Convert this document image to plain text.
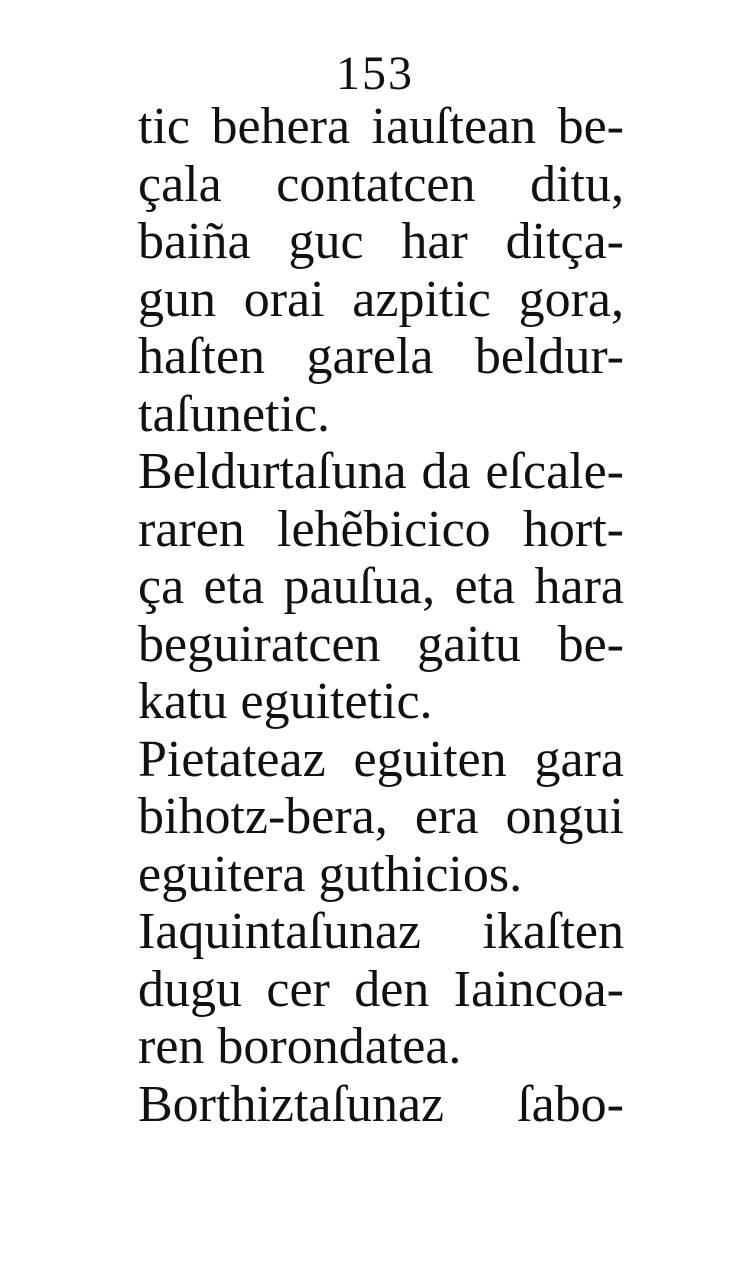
153
tic behera iauſtean be-
çala contatcen ditu,
baiña guc har ditça-
gun orai azpitic gora,
haſten garela beldur-
taſunetic.
Beldurtaſuna da eſcale-
raren lehẽbicico hort-
ça eta pauſua, eta hara
beguiratcen gaitu be-
katu eguitetic.
Pietateaz eguiten gara
bihotz-bera, era ongui
eguitera guthicios.
Iaquintaſunaz ikaſten
dugu cer den Iaincoa-
ren borondatea.
Borthiztaſunaz ſabo-
